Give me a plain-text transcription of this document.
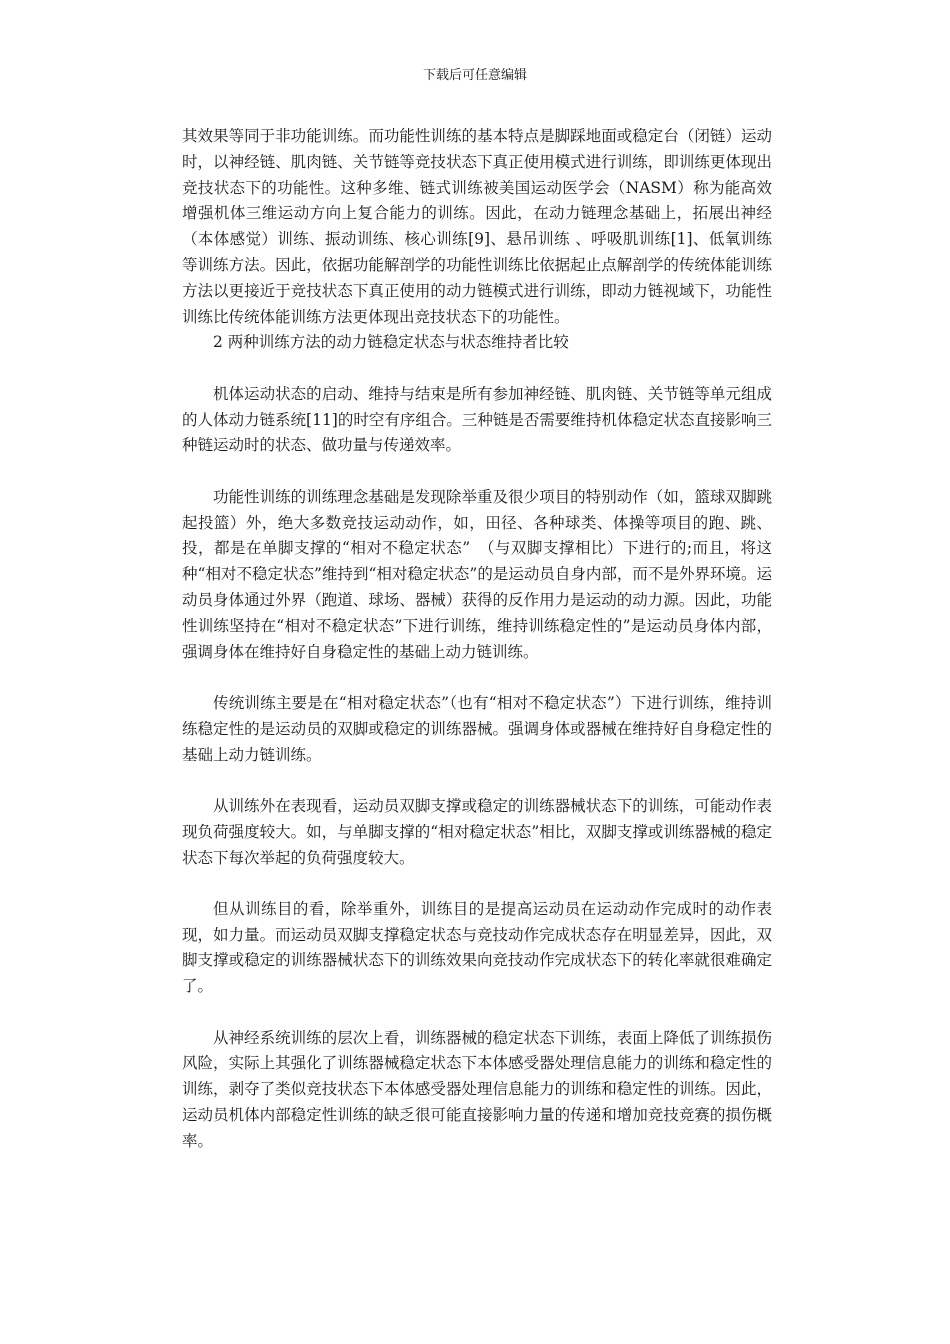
下载后可任意编辑

其效果等同于非功能训练。而功能性训练的基本特点是脚踩地面或稳定台（闭链）运动时，以神经链、肌肉链、关节链等竞技状态下真正使用模式进行训练，即训练更体现出竞技状态下的功能性。这种多维、链式训练被美国运动医学会（NASM）称为能高效增强机体三维运动方向上复合能力的训练。因此，在动力链理念基础上，拓展出神经（本体感觉）训练、振动训练、核心训练[9]、悬吊训练 、呼吸肌训练[1]、低氧训练等训练方法。因此，依据功能解剖学的功能性训练比依据起止点解剖学的传统体能训练方法以更接近于竞技状态下真正使用的动力链模式进行训练，即动力链视域下，功能性训练比传统体能训练方法更体现出竞技状态下的功能性。

2 两种训练方法的动力链稳定状态与状态维持者比较

机体运动状态的启动、维持与结束是所有参加神经链、肌肉链、关节链等单元组成的人体动力链系统[11]的时空有序组合。三种链是否需要维持机体稳定状态直接影响三种链运动时的状态、做功量与传递效率。

功能性训练的训练理念基础是发现除举重及很少项目的特别动作（如，篮球双脚跳起投篮）外，绝大多数竞技运动动作，如，田径、各种球类、体操等项目的跑、跳、投，都是在单脚支撑的“相对不稳定状态”　（与双脚支撑相比）下进行的;而且，将这种“相对不稳定状态”维持到“相对稳定状态”的是运动员自身内部，而不是外界环境。运动员身体通过外界（跑道、球场、器械）获得的反作用力是运动的动力源。因此，功能性训练坚持在“相对不稳定状态”下进行训练，维持训练稳定性的”是运动员身体内部，强调身体在维持好自身稳定性的基础上动力链训练。

传统训练主要是在“相对稳定状态”（也有“相对不稳定状态”）下进行训练，维持训练稳定性的是运动员的双脚或稳定的训练器械。强调身体或器械在维持好自身稳定性的基础上动力链训练。

从训练外在表现看，运动员双脚支撑或稳定的训练器械状态下的训练，可能动作表现负荷强度较大。如，与单脚支撑的“相对稳定状态”相比，双脚支撑或训练器械的稳定状态下每次举起的负荷强度较大。

但从训练目的看，除举重外，训练目的是提高运动员在运动动作完成时的动作表现，如力量。而运动员双脚支撑稳定状态与竞技动作完成状态存在明显差异，因此，双脚支撑或稳定的训练器械状态下的训练效果向竞技动作完成状态下的转化率就很难确定了。

从神经系统训练的层次上看，训练器械的稳定状态下训练，表面上降低了训练损伤风险，实际上其强化了训练器械稳定状态下本体感受器处理信息能力的训练和稳定性的训练，剥夺了类似竞技状态下本体感受器处理信息能力的训练和稳定性的训练。因此，运动员机体内部稳定性训练的缺乏很可能直接影响力量的传递和增加竞技竞赛的损伤概率。
